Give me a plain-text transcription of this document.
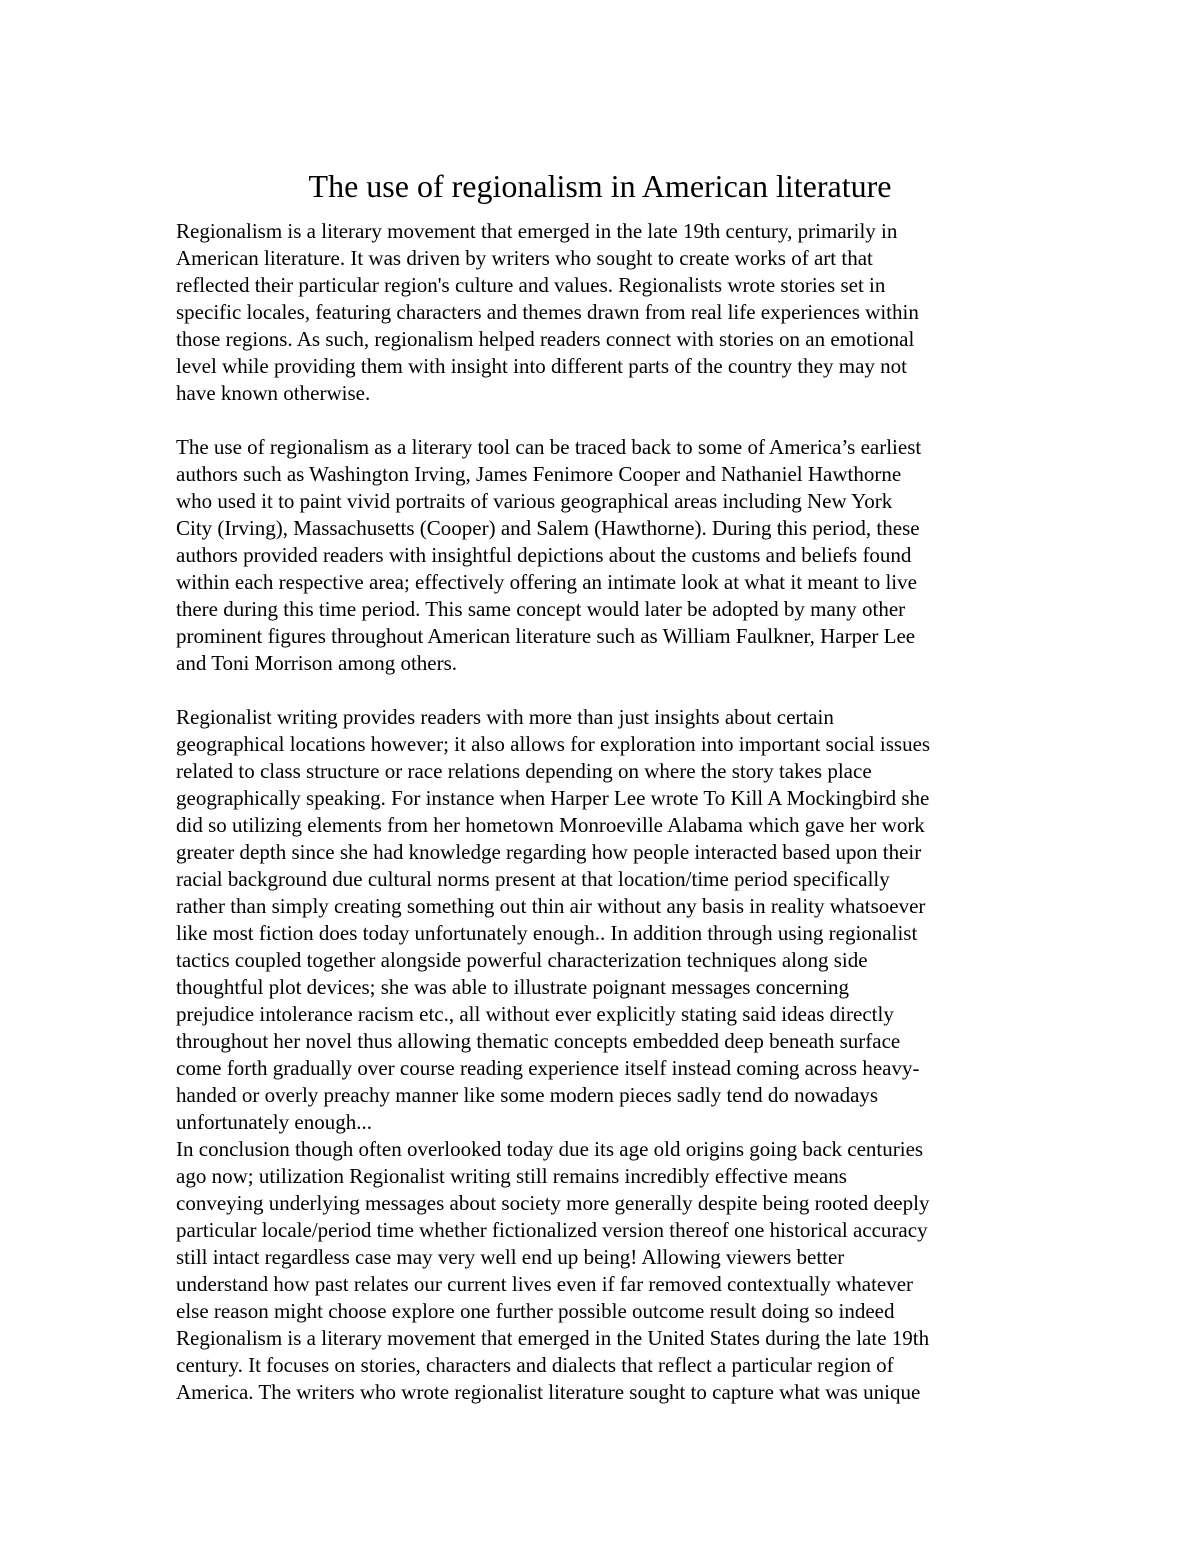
The use of regionalism in American literature

Regionalism is a literary movement that emerged in the late 19th century, primarily in
American literature. It was driven by writers who sought to create works of art that
reflected their particular region's culture and values. Regionalists wrote stories set in
specific locales, featuring characters and themes drawn from real life experiences within
those regions. As such, regionalism helped readers connect with stories on an emotional
level while providing them with insight into different parts of the country they may not
have known otherwise.

The use of regionalism as a literary tool can be traced back to some of America’s earliest
authors such as Washington Irving, James Fenimore Cooper and Nathaniel Hawthorne
who used it to paint vivid portraits of various geographical areas including New York
City (Irving), Massachusetts (Cooper) and Salem (Hawthorne). During this period, these
authors provided readers with insightful depictions about the customs and beliefs found
within each respective area; effectively offering an intimate look at what it meant to live
there during this time period. This same concept would later be adopted by many other
prominent figures throughout American literature such as William Faulkner, Harper Lee
and Toni Morrison among others.

Regionalist writing provides readers with more than just insights about certain
geographical locations however; it also allows for exploration into important social issues
related to class structure or race relations depending on where the story takes place
geographically speaking. For instance when Harper Lee wrote To Kill A Mockingbird she
did so utilizing elements from her hometown Monroeville Alabama which gave her work
greater depth since she had knowledge regarding how people interacted based upon their
racial background due cultural norms present at that location/time period specifically
rather than simply creating something out thin air without any basis in reality whatsoever
like most fiction does today unfortunately enough.. In addition through using regionalist
tactics coupled together alongside powerful characterization techniques along side
thoughtful plot devices; she was able to illustrate poignant messages concerning
prejudice intolerance racism etc., all without ever explicitly stating said ideas directly
throughout her novel thus allowing thematic concepts embedded deep beneath surface
come forth gradually over course reading experience itself instead coming across heavy-
handed or overly preachy manner like some modern pieces sadly tend do nowadays
unfortunately enough...

In conclusion though often overlooked today due its age old origins going back centuries
ago now; utilization Regionalist writing still remains incredibly effective means
conveying underlying messages about society more generally despite being rooted deeply
particular locale/period time whether fictionalized version thereof one historical accuracy
still intact regardless case may very well end up being! Allowing viewers better
understand how past relates our current lives even if far removed contextually whatever
else reason might choose explore one further possible outcome result doing so indeed
Regionalism is a literary movement that emerged in the United States during the late 19th
century. It focuses on stories, characters and dialects that reflect a particular region of
America. The writers who wrote regionalist literature sought to capture what was unique
